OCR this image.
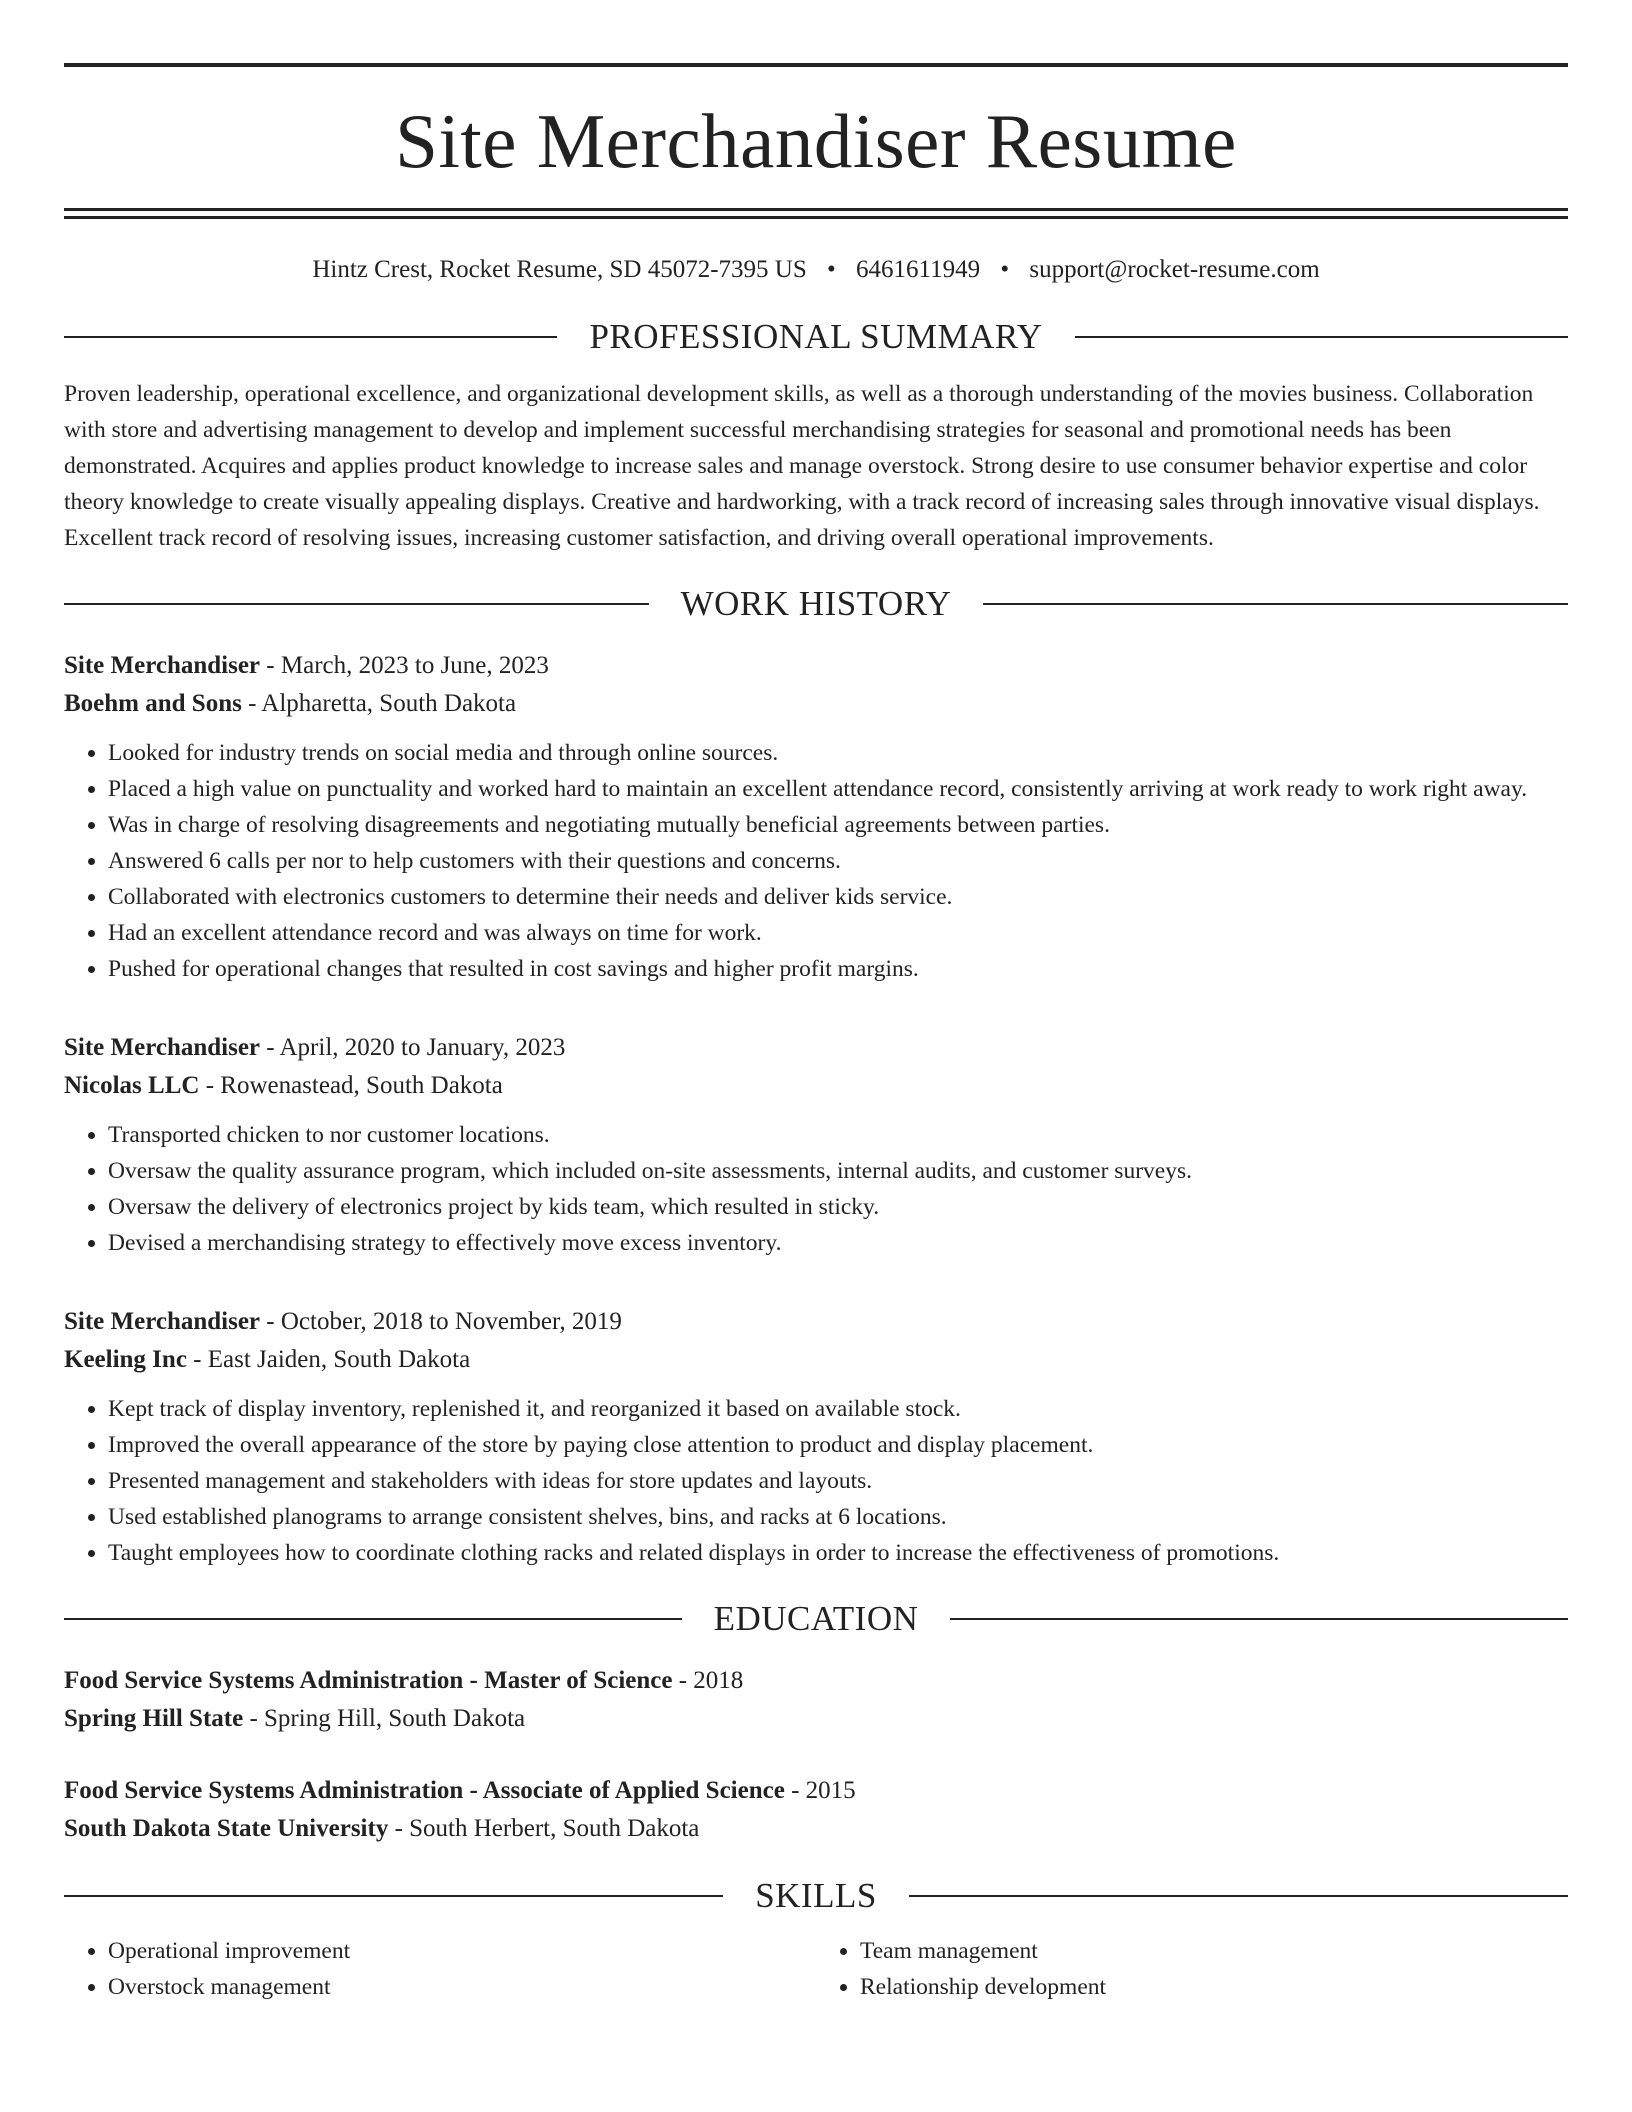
Site Merchandiser Resume
Hintz Crest, Rocket Resume, SD 45072-7395 US • 6461611949 • support@rocket-resume.com
PROFESSIONAL SUMMARY

Proven leadership, operational excellence, and organizational development skills, as well as a thorough understanding of the movies business. Collaboration with store and advertising management to develop and implement successful merchandising strategies for seasonal and promotional needs has been demonstrated. Acquires and applies product knowledge to increase sales and manage overstock. Strong desire to use consumer behavior expertise and color theory knowledge to create visually appealing displays. Creative and hardworking, with a track record of increasing sales through innovative visual displays. Excellent track record of resolving issues, increasing customer satisfaction, and driving overall operational improvements.

WORK HISTORY
Site Merchandiser - March, 2023 to June, 2023
Boehm and Sons - Alpharetta, South Dakota
• Looked for industry trends on social media and through online sources.
• Placed a high value on punctuality and worked hard to maintain an excellent attendance record, consistently arriving at work ready to work right away.
• Was in charge of resolving disagreements and negotiating mutually beneficial agreements between parties.
• Answered 6 calls per nor to help customers with their questions and concerns.
• Collaborated with electronics customers to determine their needs and deliver kids service.
• Had an excellent attendance record and was always on time for work.
• Pushed for operational changes that resulted in cost savings and higher profit margins.
Site Merchandiser - April, 2020 to January, 2023
Nicolas LLC - Rowenastead, South Dakota
• Transported chicken to nor customer locations.
• Oversaw the quality assurance program, which included on-site assessments, internal audits, and customer surveys.
• Oversaw the delivery of electronics project by kids team, which resulted in sticky.
• Devised a merchandising strategy to effectively move excess inventory.
Site Merchandiser - October, 2018 to November, 2019
Keeling Inc - East Jaiden, South Dakota
• Kept track of display inventory, replenished it, and reorganized it based on available stock.
• Improved the overall appearance of the store by paying close attention to product and display placement.
• Presented management and stakeholders with ideas for store updates and layouts.
• Used established planograms to arrange consistent shelves, bins, and racks at 6 locations.
• Taught employees how to coordinate clothing racks and related displays in order to increase the effectiveness of promotions.
EDUCATION
Food Service Systems Administration - Master of Science - 2018
Spring Hill State - Spring Hill, South Dakota
Food Service Systems Administration - Associate of Applied Science - 2015
South Dakota State University - South Herbert, South Dakota
SKILLS
• Operational improvement
• Overstock management
• Team management
• Relationship development
